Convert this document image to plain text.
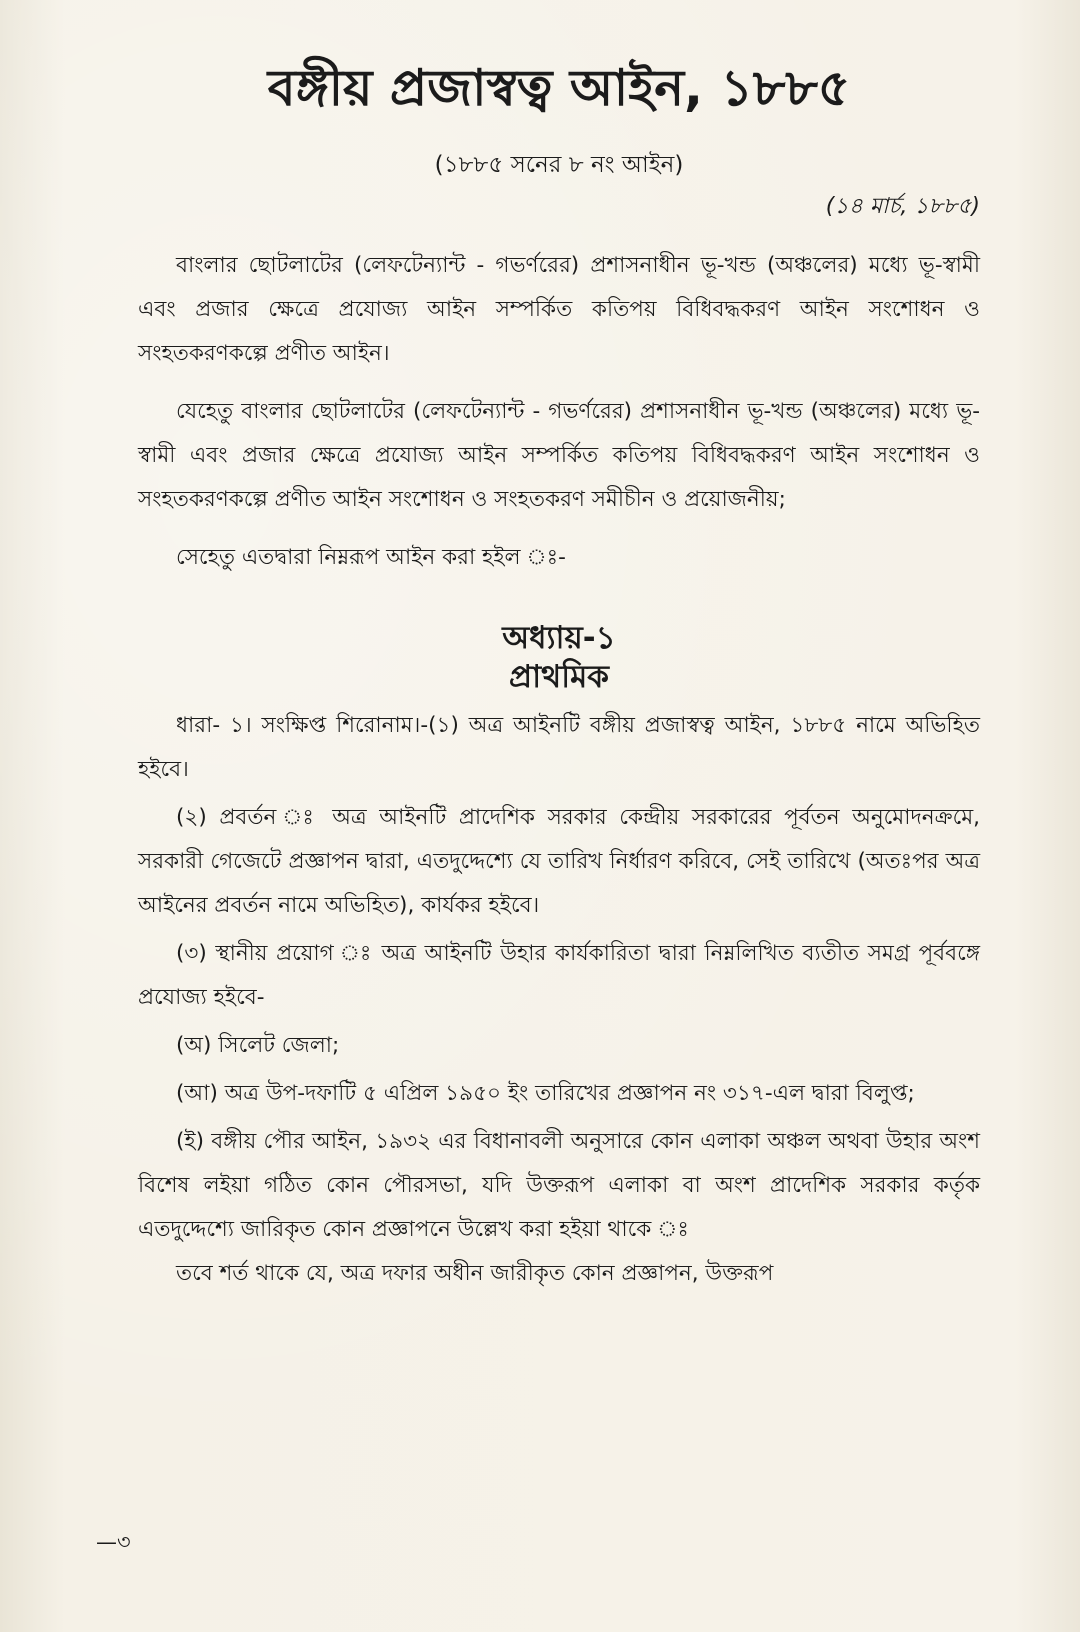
বঙ্গীয় প্রজাস্বত্ব আইন, ১৮৮৫
(১৮৮৫ সনের ৮ নং আইন)
(১৪ মার্চ, ১৮৮৫)

বাংলার ছোটলাটের (লেফটেন্যান্ট - গভর্ণরের) প্রশাসনাধীন ভূ-খন্ড (অঞ্চলের) মধ্যে ভূ-স্বামী এবং প্রজার ক্ষেত্রে প্রযোজ্য আইন সম্পর্কিত কতিপয় বিধিবদ্ধকরণ আইন সংশোধন ও সংহতকরণকল্পে প্রণীত আইন।

যেহেতু বাংলার ছোটলাটের (লেফটেন্যান্ট - গভর্ণরের) প্রশাসনাধীন ভূ-খন্ড (অঞ্চলের) মধ্যে ভূ-স্বামী এবং প্রজার ক্ষেত্রে প্রযোজ্য আইন সম্পর্কিত কতিপয় বিধিবদ্ধকরণ আইন সংশোধন ও সংহতকরণকল্পে প্রণীত আইন সংশোধন ও সংহতকরণ সমীচীন ও প্রয়োজনীয়;

সেহেতু এতদ্বারা নিম্নরূপ আইন করা হইল ঃ-

অধ্যায়-১
প্রাথমিক

ধারা- ১। সংক্ষিপ্ত শিরোনাম।-(১) অত্র আইনটি বঙ্গীয় প্রজাস্বত্ব আইন, ১৮৮৫ নামে অভিহিত হইবে।

(২) প্রবর্তন ঃ অত্র আইনটি প্রাদেশিক সরকার কেন্দ্রীয় সরকারের পূর্বতন অনুমোদনক্রমে, সরকারী গেজেটে প্রজ্ঞাপন দ্বারা, এতদুদ্দেশ্যে যে তারিখ নির্ধারণ করিবে, সেই তারিখে (অতঃপর অত্র আইনের প্রবর্তন নামে অভিহিত), কার্যকর হইবে।

(৩) স্থানীয় প্রয়োগ ঃ অত্র আইনটি উহার কার্যকারিতা দ্বারা নিম্নলিখিত ব্যতীত সমগ্র পূর্ববঙ্গে প্রযোজ্য হইবে-

(অ) সিলেট জেলা;

(আ) অত্র উপ-দফাটি ৫ এপ্রিল ১৯৫০ ইং তারিখের প্রজ্ঞাপন নং ৩১৭-এল দ্বারা বিলুপ্ত;

(ই) বঙ্গীয় পৌর আইন, ১৯৩২ এর বিধানাবলী অনুসারে কোন এলাকা অঞ্চল অথবা উহার অংশ বিশেষ লইয়া গঠিত কোন পৌরসভা, যদি উক্তরূপ এলাকা বা অংশ প্রাদেশিক সরকার কর্তৃক এতদুদ্দেশ্যে জারিকৃত কোন প্রজ্ঞাপনে উল্লেখ করা হইয়া থাকে ঃ

তবে শর্ত থাকে যে, অত্র দফার অধীন জারীকৃত কোন প্রজ্ঞাপন, উক্তরূপ

—৩
